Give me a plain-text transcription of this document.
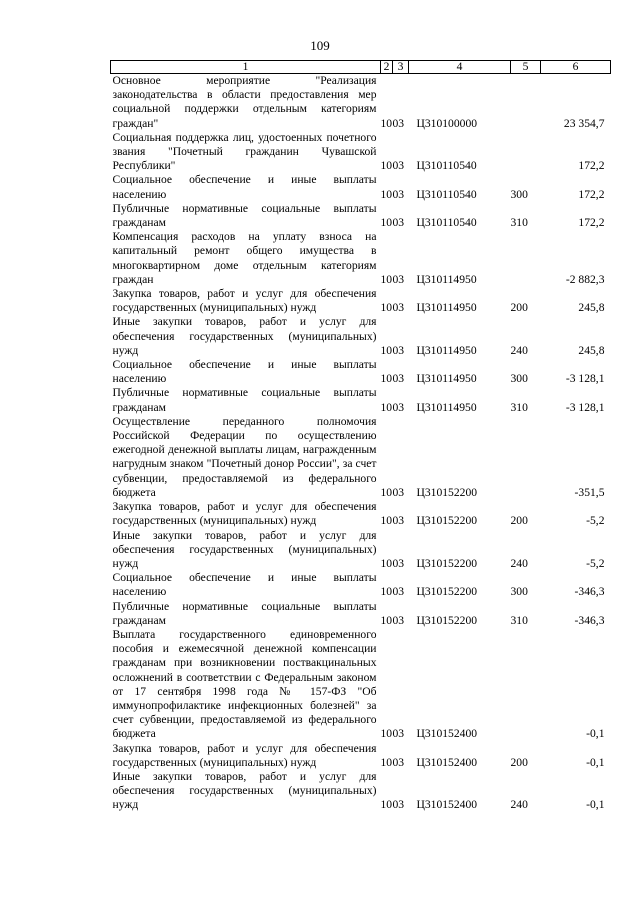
109
1	2	3	4	5	6
Основное мероприятие "Реализация законодательства в области предоставления мер социальной поддержки отдельным категориям граждан"	10	03	Ц310100000		23 354,7
Социальная поддержка лиц, удостоенных почетного звания "Почетный гражданин Чувашской Республики"	10	03	Ц310110540		172,2
Социальное обеспечение и иные выплаты населению	10	03	Ц310110540	300	172,2
Публичные нормативные социальные выплаты гражданам	10	03	Ц310110540	310	172,2
Компенсация расходов на уплату взноса на капитальный ремонт общего имущества в многоквартирном доме отдельным категориям граждан	10	03	Ц310114950		-2 882,3
Закупка товаров, работ и услуг для обеспечения государственных (муниципальных) нужд	10	03	Ц310114950	200	245,8
Иные закупки товаров, работ и услуг для обеспечения государственных (муниципальных) нужд	10	03	Ц310114950	240	245,8
Социальное обеспечение и иные выплаты населению	10	03	Ц310114950	300	-3 128,1
Публичные нормативные социальные выплаты гражданам	10	03	Ц310114950	310	-3 128,1
Осуществление переданного полномочия Российской Федерации по осуществлению ежегодной денежной выплаты лицам, награжденным нагрудным знаком "Почетный донор России", за счет субвенции, предоставляемой из федерального бюджета	10	03	Ц310152200		-351,5
Закупка товаров, работ и услуг для обеспечения государственных (муниципальных) нужд	10	03	Ц310152200	200	-5,2
Иные закупки товаров, работ и услуг для обеспечения государственных (муниципальных) нужд	10	03	Ц310152200	240	-5,2
Социальное обеспечение и иные выплаты населению	10	03	Ц310152200	300	-346,3
Публичные нормативные социальные выплаты гражданам	10	03	Ц310152200	310	-346,3
Выплата государственного единовременного пособия и ежемесячной денежной компенсации гражданам при возникновении поствакцинальных осложнений в соответствии с Федеральным законом от 17 сентября 1998 года № 157-ФЗ "Об иммунопрофилактике инфекционных болезней" за счет субвенции, предоставляемой из федерального бюджета	10	03	Ц310152400		-0,1
Закупка товаров, работ и услуг для обеспечения государственных (муниципальных) нужд	10	03	Ц310152400	200	-0,1
Иные закупки товаров, работ и услуг для обеспечения государственных (муниципальных) нужд	10	03	Ц310152400	240	-0,1
